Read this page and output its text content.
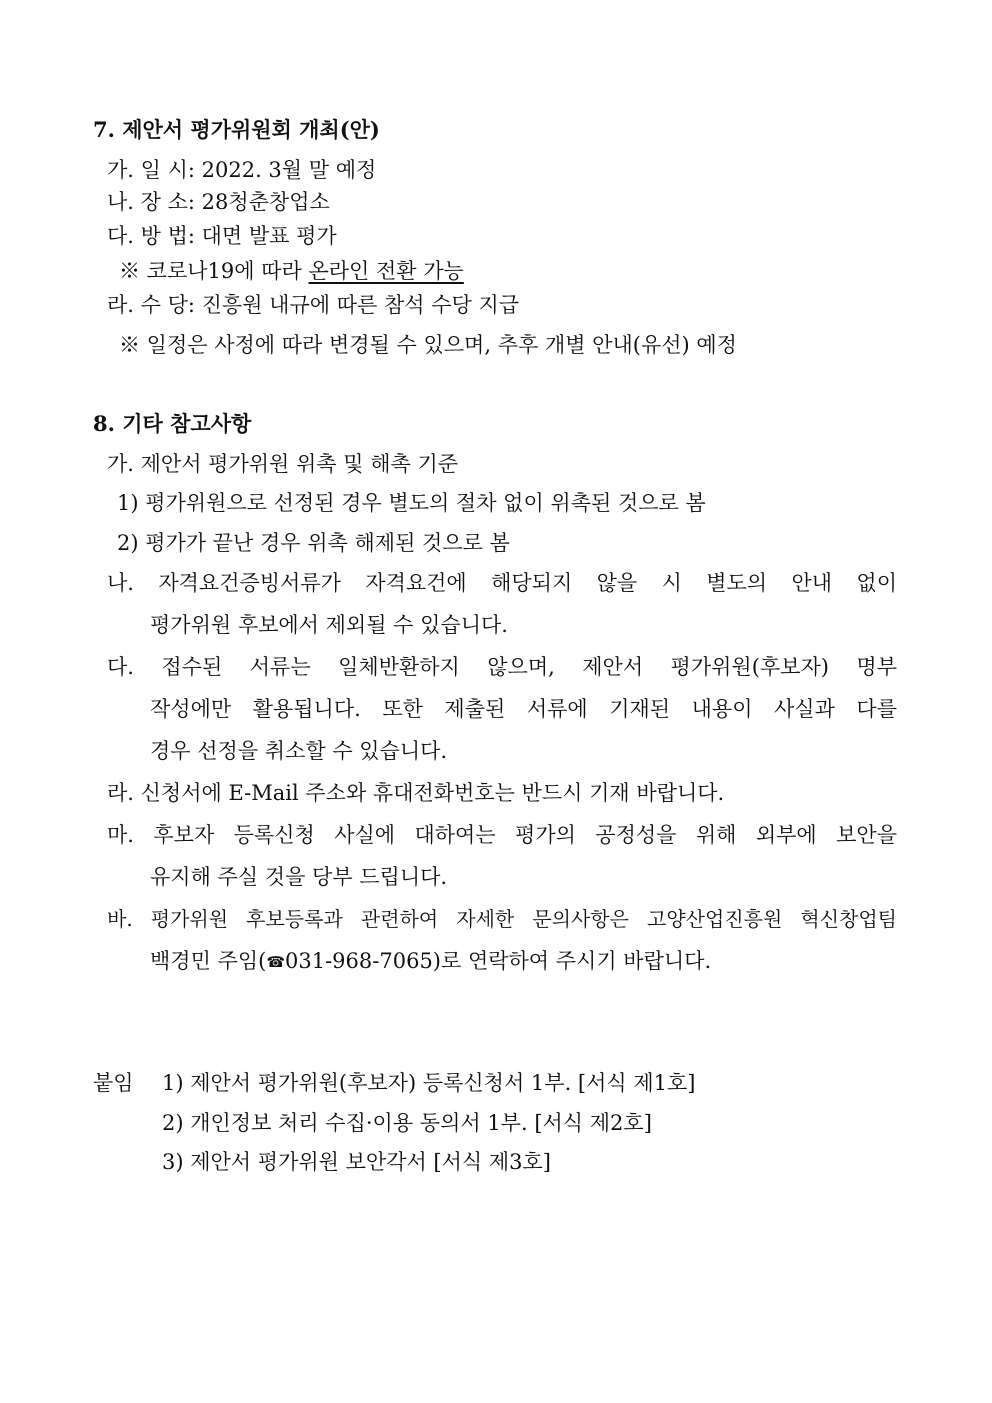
7. 제안서 평가위원회 개최(안)
가. 일 시: 2022. 3월 말 예정
나. 장 소: 28청춘창업소
다. 방 법: 대면 발표 평가
※ 코로나19에 따라 온라인 전환 가능
라. 수 당: 진흥원 내규에 따른 참석 수당 지급
※ 일정은 사정에 따라 변경될 수 있으며, 추후 개별 안내(유선) 예정
8. 기타 참고사항
가. 제안서 평가위원 위촉 및 해촉 기준
1) 평가위원으로 선정된 경우 별도의 절차 없이 위촉된 것으로 봄
2) 평가가 끝난 경우 위촉 해제된 것으로 봄
나. 자격요건증빙서류가 자격요건에 해당되지 않을 시 별도의 안내 없이
평가위원 후보에서 제외될 수 있습니다.
다. 접수된 서류는 일체반환하지 않으며, 제안서 평가위원(후보자) 명부
작성에만 활용됩니다. 또한 제출된 서류에 기재된 내용이 사실과 다를
경우 선정을 취소할 수 있습니다.
라. 신청서에 E-Mail 주소와 휴대전화번호는 반드시 기재 바랍니다.
마. 후보자 등록신청 사실에 대하여는 평가의 공정성을 위해 외부에 보안을
유지해 주실 것을 당부 드립니다.
바. 평가위원 후보등록과 관련하여 자세한 문의사항은 고양산업진흥원 혁신창업팀
백경민 주임(☎031-968-7065)로 연락하여 주시기 바랍니다.
붙임 1) 제안서 평가위원(후보자) 등록신청서 1부. [서식 제1호]
2) 개인정보 처리 수집·이용 동의서 1부. [서식 제2호]
3) 제안서 평가위원 보안각서 [서식 제3호]
